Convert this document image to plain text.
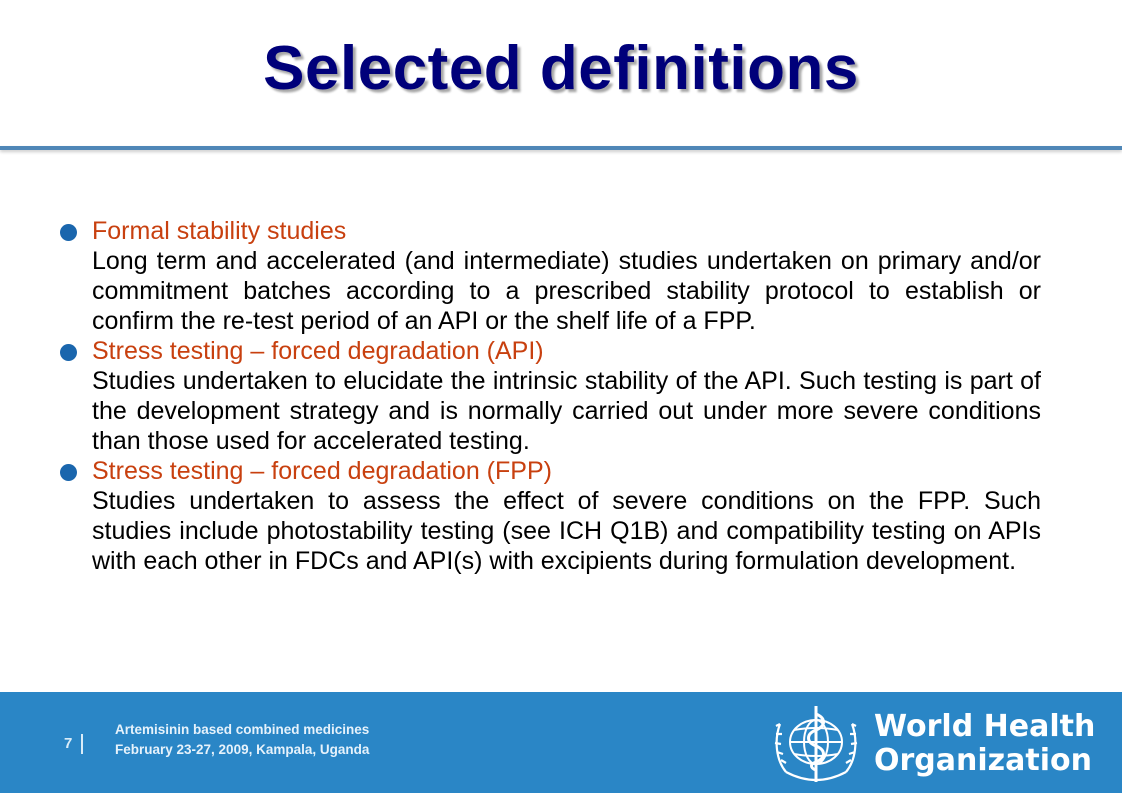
Selected definitions
Formal stability studies
Long term and accelerated (and intermediate) studies undertaken on primary and/or commitment batches according to a prescribed stability protocol to establish or confirm the re-test period of an API or the shelf life of a FPP.
Stress testing – forced degradation (API)
Studies undertaken to elucidate the intrinsic stability of the API. Such testing is part of the development strategy and is normally carried out under more severe conditions than those used for accelerated testing.
Stress testing – forced degradation (FPP)
Studies undertaken to assess the effect of severe conditions on the FPP. Such studies include photostability testing (see ICH Q1B) and compatibility testing on APIs with each other in FDCs and API(s) with excipients during formulation development.
7
Artemisinin based combined medicines
February 23-27, 2009, Kampala, Uganda
World Health
Organization
